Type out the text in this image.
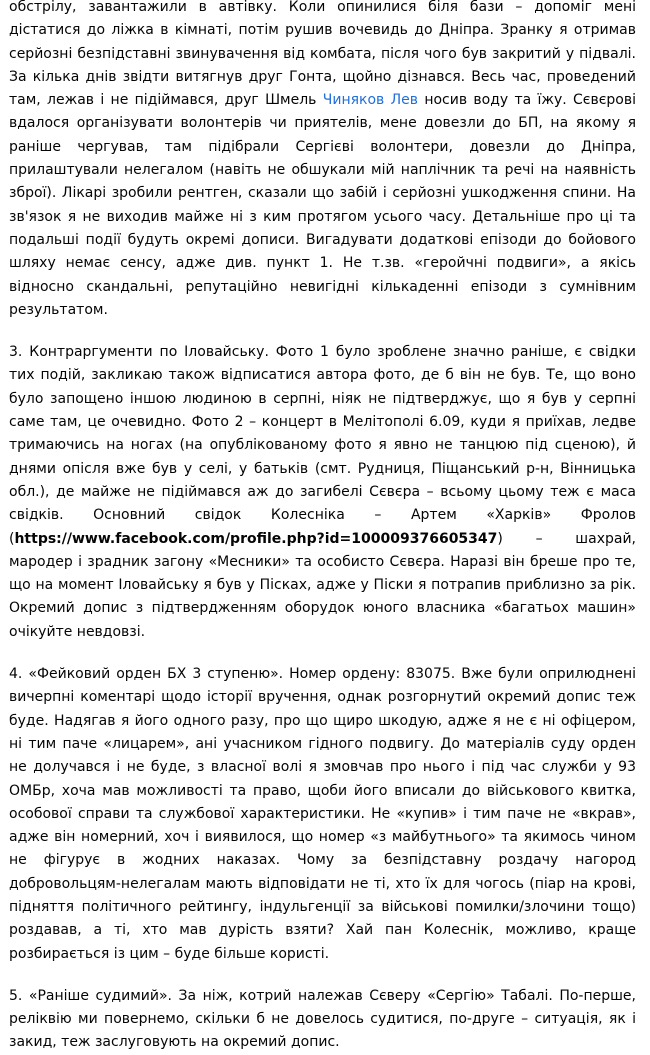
обстрілу, завантажили в автівку. Коли опинилися біля бази – допоміг мені дістатися до ліжка в кімнаті, потім рушив вочевидь до Дніпра. Зранку я отримав серйозні безпідставні звинувачення від комбата, після чого був закритий у підвалі. За кілька днів звідти витягнув друг Гонта, щойно дізнався. Весь час, проведений там, лежав і не підіймався, друг Шмель Чиняков Лев носив воду та їжу. Сєвєрові вдалося організувати волонтерів чи приятелів, мене довезли до БП, на якому я раніше чергував, там підібрали Сергієві волонтери, довезли до Дніпра, прилаштували нелегалом (навіть не обшукали мій наплічник та речі на наявність зброї). Лікарі зробили рентген, сказали що забій і серйозні ушкодження спини. На зв'язок я не виходив майже ні з ким протягом усього часу. Детальніше про ці та подальші події будуть окремі дописи. Вигадувати додаткові епізоди до бойового шляху немає сенсу, адже див. пункт 1. Не т.зв. «геройчні подвиги», а якісь відносно скандальні, репутаційно невигідні кількаденні епізоди з сумнівним результатом.

3. Контраргументи по Іловайську. Фото 1 було зроблене значно раніше, є свідки тих подій, закликаю також відписатися автора фото, де б він не був. Те, що воно було запощено іншою людиною в серпні, ніяк не підтверджує, що я був у серпні саме там, це очевидно. Фото 2 – концерт в Мелітополі 6.09, куди я приїхав, ледве тримаючись на ногах (на опублікованому фото я явно не танцюю під сценою), й днями опісля вже був у селі, у батьків (смт. Рудниця, Піщанський р-н, Вінницька обл.), де майже не підіймався аж до загибелі Сєвєра – всьому цьому теж є маса свідків. Основний свідок Колесніка – Артем «Харків» Фролов (https://www.facebook.com/profile.php?id=100009376605347) – шахрай, мародер і зрадник загону «Месники» та особисто Сєвєра. Наразі він бреше про те, що на момент Іловайську я був у Пісках, адже у Піски я потрапив приблизно за рік. Окремий допис з підтвердженням оборудок юного власника «багатьох машин» очікуйте невдовзі.

4. «Фейковий орден БХ 3 ступеню». Номер ордену: 83075. Вже були оприлюднені вичерпні коментарі щодо історії вручення, однак розгорнутий окремий допис теж буде. Надягав я його одного разу, про що щиро шкодую, адже я не є ні офіцером, ні тим паче «лицарем», ані учасником гідного подвигу. До матеріалів суду орден не долучався і не буде, з власної волі я змовчав про нього і під час служби у 93 ОМБр, хоча мав можливості та право, щоби його вписали до військового квитка, особової справи та службової характеристики. Не «купив» і тим паче не «вкрав», адже він номерний, хоч і виявилося, що номер «з майбутнього» та якимось чином не фігурує в жодних наказах. Чому за безпідставну роздачу нагород добровольцям-нелегалам мають відповідати не ті, хто їх для чогось (піар на крові, підняття політичного рейтингу, індульгенції за військові помилки/злочини тощо) роздавав, а ті, хто мав дурість взяти? Хай пан Колеснік, можливо, краще розбирається із цим – буде більше користі.

5. «Раніше судимий». За ніж, котрий належав Сєверу «Сергію» Табалі. По-перше, реліквію ми повернемо, скільки б не довелось судитися, по-друге – ситуація, як і закид, теж заслуговують на окремий допис.
